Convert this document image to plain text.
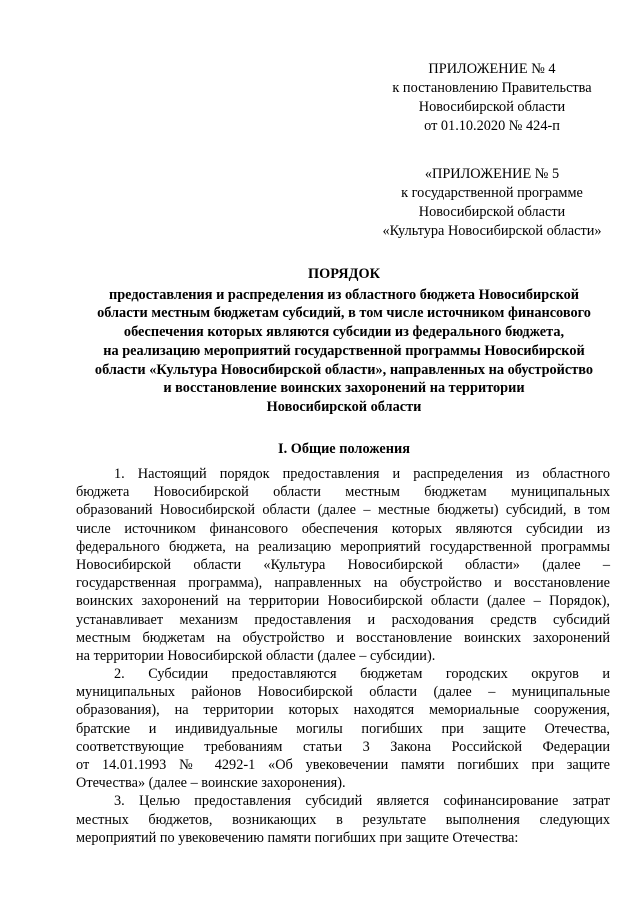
ПРИЛОЖЕНИЕ № 4
к постановлению Правительства
Новосибирской области
от 01.10.2020 № 424-п
«ПРИЛОЖЕНИЕ № 5
к государственной программе
Новосибирской области
«Культура Новосибирской области»
ПОРЯДОК
предоставления и распределения из областного бюджета Новосибирской
области местным бюджетам субсидий, в том числе источником финансового
обеспечения которых являются субсидии из федерального бюджета,
на реализацию мероприятий государственной программы Новосибирской
области «Культура Новосибирской области», направленных на обустройство
и восстановление воинских захоронений на территории
Новосибирской области
I. Общие положения
1. Настоящий порядок предоставления и распределения из областного
бюджета Новосибирской области местным бюджетам муниципальных
образований Новосибирской области (далее – местные бюджеты) субсидий, в том
числе источником финансового обеспечения которых являются субсидии из
федерального бюджета, на реализацию мероприятий государственной программы
Новосибирской области «Культура Новосибирской области» (далее –
государственная программа), направленных на обустройство и восстановление
воинских захоронений на территории Новосибирской области (далее – Порядок),
устанавливает механизм предоставления и расходования средств субсидий
местным бюджетам на обустройство и восстановление воинских захоронений
на территории Новосибирской области (далее – субсидии).
2. Субсидии предоставляются бюджетам городских округов и
муниципальных районов Новосибирской области (далее – муниципальные
образования), на территории которых находятся мемориальные сооружения,
братские и индивидуальные могилы погибших при защите Отечества,
соответствующие требованиям статьи 3 Закона Российской Федерации
от 14.01.1993 № 4292-1 «Об увековечении памяти погибших при защите
Отечества» (далее – воинские захоронения).
3. Целью предоставления субсидий является софинансирование затрат
местных бюджетов, возникающих в результате выполнения следующих
мероприятий по увековечению памяти погибших при защите Отечества:
